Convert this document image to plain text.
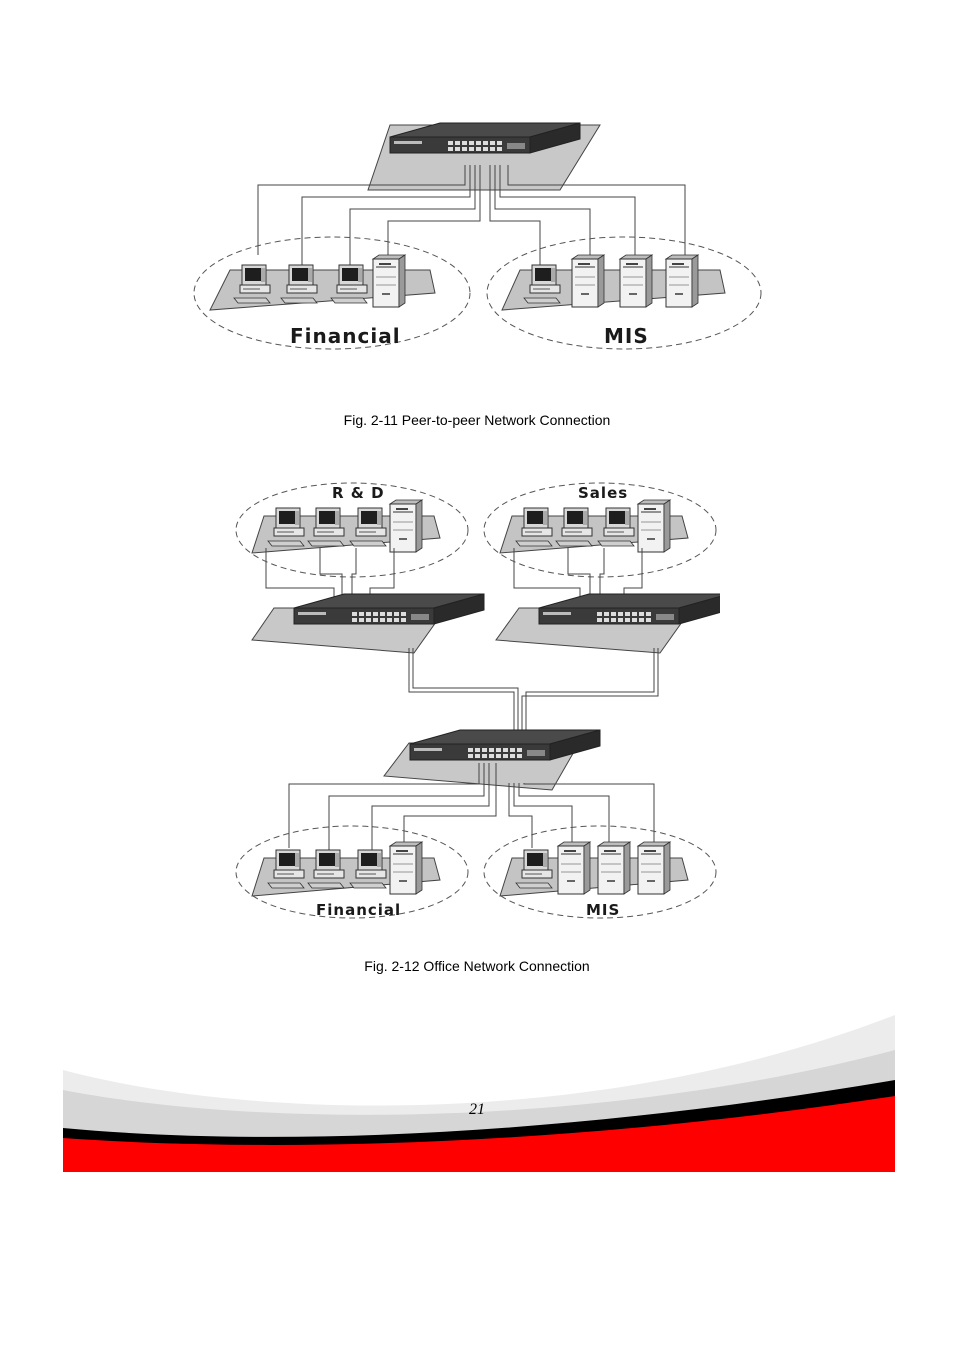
Financial	MIS
Fig. 2-11 Peer-to-peer Network Connection
R & D	Sales
Financial	MIS
Fig. 2-12 Office Network Connection
21
